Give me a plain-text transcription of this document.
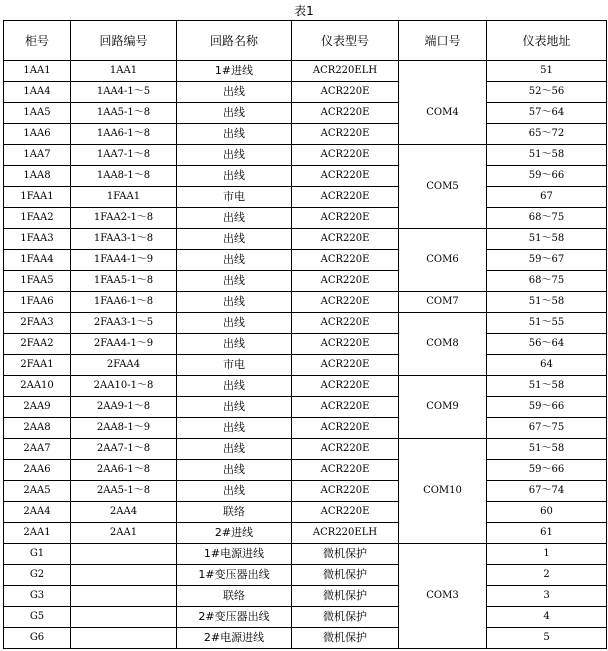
表1
柜号	回路编号	回路名称	仪表型号	端口号	仪表地址
1AA1	1AA1	1#进线	ACR220ELH		51
1AA4	1AA4-1～5	出线	ACR220E	COM4	52～56
1AA5	1AA5-1～8	出线	ACR220E		57～64
1AA6	1AA6-1～8	出线	ACR220E		65～72
1AA7	1AA7-1～8	出线	ACR220E	COM5	51～58
1AA8	1AA8-1～8	出线	ACR220E		59～66
1FAA1	1FAA1	市电	ACR220E		67
1FAA2	1FAA2-1～8	出线	ACR220E		68～75
1FAA3	1FAA3-1～8	出线	ACR220E	COM6	51～58
1FAA4	1FAA4-1～9	出线	ACR220E		59～67
1FAA5	1FAA5-1～8	出线	ACR220E		68～75
1FAA6	1FAA6-1～8	出线	ACR220E	COM7	51～58
2FAA3	2FAA3-1～5	出线	ACR220E	COM8	51～55
2FAA2	2FAA4-1～9	出线	ACR220E		56～64
2FAA1	2FAA4	市电	ACR220E		64
2AA10	2AA10-1～8	出线	ACR220E	COM9	51～58
2AA9	2AA9-1～8	出线	ACR220E		59～66
2AA8	2AA8-1～9	出线	ACR220E		67～75
2AA7	2AA7-1～8	出线	ACR220E	COM10	51～58
2AA6	2AA6-1～8	出线	ACR220E		59～66
2AA5	2AA5-1～8	出线	ACR220E		67～74
2AA4	2AA4	联络	ACR220E		60
2AA1	2AA1	2#进线	ACR220ELH		61
G1		1#电源进线	微机保护	COM3	1
G2		1#变压器出线	微机保护		2
G3		联络	微机保护		3
G5		2#变压器出线	微机保护		4
G6		2#电源进线	微机保护		5
